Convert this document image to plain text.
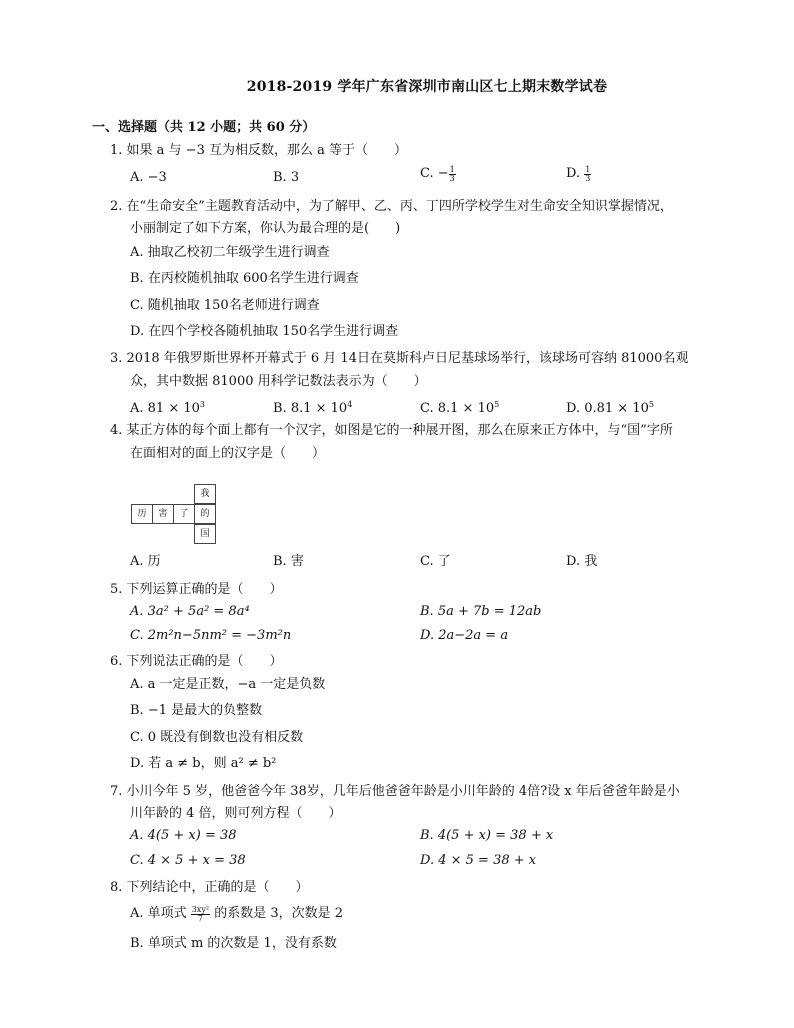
2018-2019 学年广东省深圳市南山区七上期末数学试卷
一、选择题（共 12 小题；共 60 分）
1. 如果 a 与 −3 互为相反数，那么 a 等于（　　）
A. −3	B. 3	C. − $\frac{1}{3}$	D. $\frac{1}{3}$
2. 在“生命安全”主题教育活动中，为了解甲、乙、丙、丁四所学校学生对生命安全知识掌握情况，
小丽制定了如下方案，你认为最合理的是(　　)
A. 抽取乙校初二年级学生进行调查
B. 在丙校随机抽取 600名学生进行调查
C. 随机抽取 150名老师进行调查
D. 在四个学校各随机抽取 150名学生进行调查
3. 2018 年俄罗斯世界杯开幕式于 6 月 14日在莫斯科卢日尼基球场举行，该球场可容纳 81000名观
众，其中数据 81000 用科学记数法表示为（　　）
A. $81 \times 10^3$	B. $8.1 \times 10^4$	C. $8.1 \times 10^5$	D. $0.81 \times 10^5$
4. 某正方体的每个面上都有一个汉字，如图是它的一种展开图，那么在原来正方体中，与“国”字所
在面相对的面上的汉字是（　　）
历	害	了
我
的
国
A. 历	B. 害	C. 了	D. 我
5. 下列运算正确的是（　　）
A. 3a² + 5a² = 8a⁴	B. 5a + 7b = 12ab
C. 2m²n−5nm² = −3m²n	D. 2a−2a = a
6. 下列说法正确的是（　　）
A. a 一定是正数，−a 一定是负数
B. −1 是最大的负整数
C. 0 既没有倒数也没有相反数
D. 若 a ≠ b，则 a² ≠ b²
7. 小川今年 5 岁，他爸爸今年 38岁，几年后他爸爸年龄是小川年龄的 4倍?设 x 年后爸爸年龄是小
川年龄的 4 倍，则可列方程（　　）
A. 4(5 + x) = 38	B. 4(5 + x) = 38 + x
C. 4 × 5 + x = 38	D. 4 × 5 = 38 + x
8. 下列结论中，正确的是（　　）
A. 单项式 $\frac{\text{3xy²}}{7}$ 的系数是 3，次数是 2
B. 单项式 m 的次数是 1，没有系数
